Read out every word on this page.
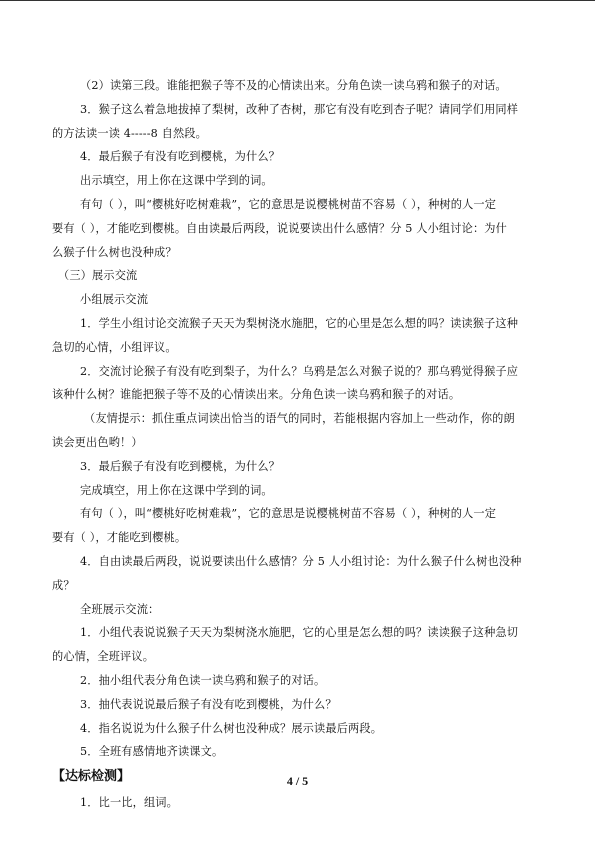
（2）读第三段。谁能把猴子等不及的心情读出来。分角色读一读乌鸦和猴子的对话。
3．猴子这么着急地拔掉了梨树，改种了杏树，那它有没有吃到杏子呢？请同学们用同样
的方法读一读 4-----8 自然段。
4．最后猴子有没有吃到樱桃，为什么？
出示填空，用上你在这课中学到的词。
有句（ ），叫“樱桃好吃树难栽”，它的意思是说樱桃树苗不容易（ ），种树的人一定
要有（ ），才能吃到樱桃。自由读最后两段，说说要读出什么感情？分 5 人小组讨论：为什
么猴子什么树也没种成？
（三）展示交流
小组展示交流
1．学生小组讨论交流猴子天天为梨树浇水施肥，它的心里是怎么想的吗？读读猴子这种
急切的心情，小组评议。
2．交流讨论猴子有没有吃到梨子，为什么？乌鸦是怎么对猴子说的？那乌鸦觉得猴子应
该种什么树？谁能把猴子等不及的心情读出来。分角色读一读乌鸦和猴子的对话。
（友情提示：抓住重点词读出恰当的语气的同时，若能根据内容加上一些动作，你的朗
读会更出色哟！）
3．最后猴子有没有吃到樱桃，为什么？
完成填空，用上你在这课中学到的词。
有句（ ），叫“樱桃好吃树难栽”，它的意思是说樱桃树苗不容易（ ），种树的人一定
要有（ ），才能吃到樱桃。
4．自由读最后两段，说说要读出什么感情？分 5 人小组讨论：为什么猴子什么树也没种
成？
全班展示交流：
1．小组代表说说猴子天天为梨树浇水施肥，它的心里是怎么想的吗？读读猴子这种急切
的心情，全班评议。
2．抽小组代表分角色读一读乌鸦和猴子的对话。
3．抽代表说说最后猴子有没有吃到樱桃，为什么？
4．指名说说为什么猴子什么树也没种成？展示读最后两段。
5．全班有感情地齐读课文。
【达标检测】
1．比一比，组词。
4 / 5
